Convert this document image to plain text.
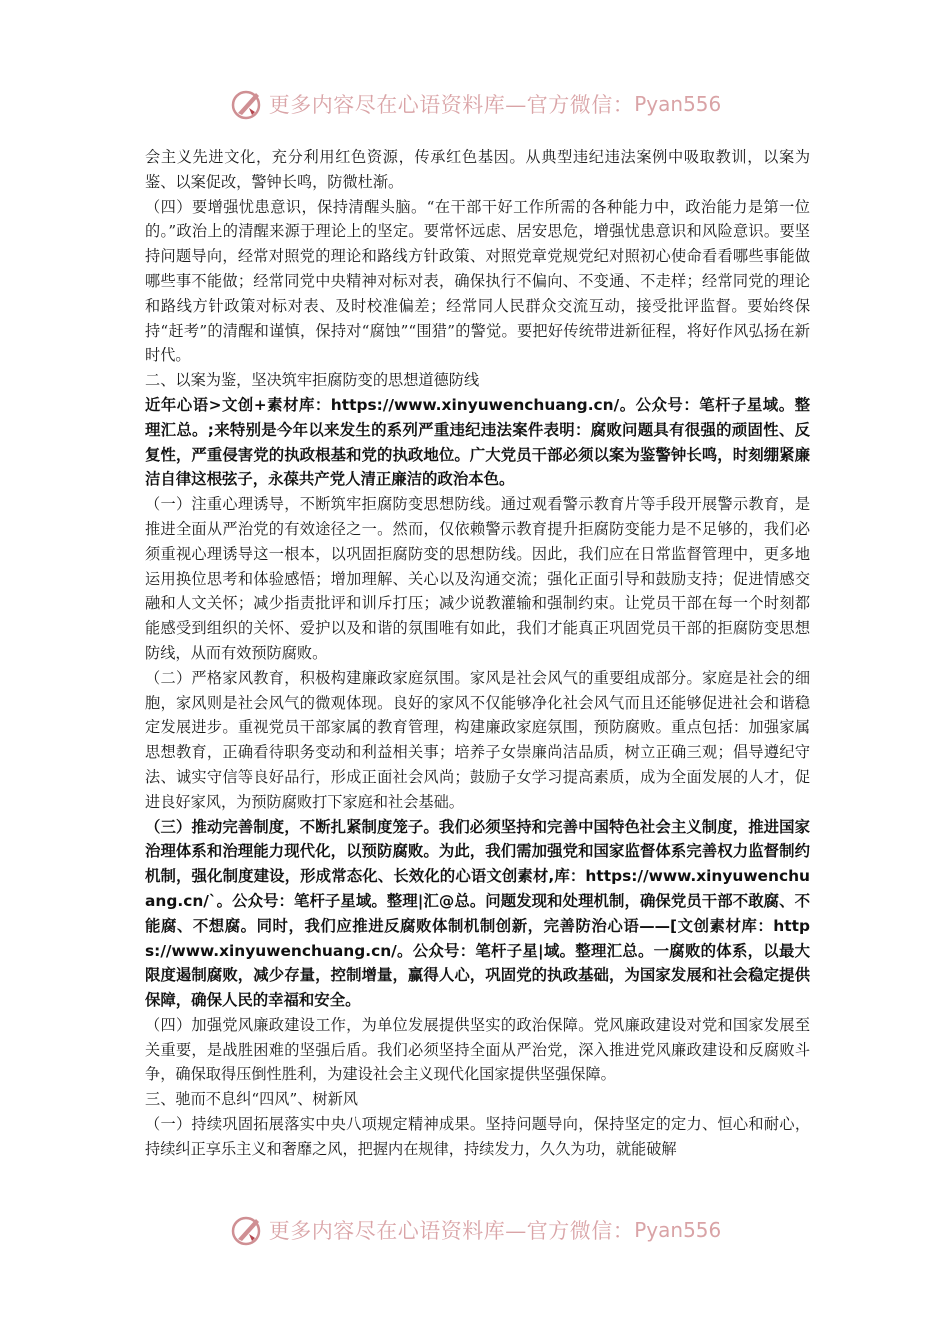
更多内容尽在心语资料库—官方微信： Pyan556

会主义先进文化，充分利用红色资源，传承红色基因。从典型违纪违法案例中吸取教训，以案为鉴、以案促改，警钟长鸣，防微杜渐。

（四）要增强忧患意识，保持清醒头脑。“在干部干好工作所需的各种能力中，政治能力是第一位的。”政治上的清醒来源于理论上的坚定。要常怀远虑、居安思危，增强忧患意识和风险意识。要坚持问题导向，经常对照党的理论和路线方针政策、对照党章党规党纪对照初心使命看看哪些事能做哪些事不能做；经常同党中央精神对标对表，确保执行不偏向、不变通、不走样；经常同党的理论和路线方针政策对标对表、及时校准偏差；经常同人民群众交流互动，接受批评监督。要始终保持“赶考”的清醒和谨慎，保持对“腐蚀”“围猎”的警觉。要把好传统带进新征程，将好作风弘扬在新时代。

二、以案为鉴，坚决筑牢拒腐防变的思想道德防线

近年心语>文创+素材库：https://www.xinyuwenchuang.cn/。公众号：笔杆子星域。整理汇总。;来特别是今年以来发生的系列严重违纪违法案件表明：腐败问题具有很强的顽固性、反复性，严重侵害党的执政根基和党的执政地位。广大党员干部必须以案为鉴警钟长鸣，时刻绷紧廉洁自律这根弦子，永葆共产党人清正廉洁的政治本色。

（一）注重心理诱导，不断筑牢拒腐防变思想防线。通过观看警示教育片等手段开展警示教育，是推进全面从严治党的有效途径之一。然而，仅依赖警示教育提升拒腐防变能力是不足够的，我们必须重视心理诱导这一根本，以巩固拒腐防变的思想防线。因此，我们应在日常监督管理中，更多地运用换位思考和体验感悟；增加理解、关心以及沟通交流；强化正面引导和鼓励支持；促进情感交融和人文关怀；减少指责批评和训斥打压；减少说教灌输和强制约束。让党员干部在每一个时刻都能感受到组织的关怀、爱护以及和谐的氛围唯有如此，我们才能真正巩固党员干部的拒腐防变思想防线，从而有效预防腐败。

（二）严格家风教育，积极构建廉政家庭氛围。家风是社会风气的重要组成部分。家庭是社会的细胞，家风则是社会风气的微观体现。良好的家风不仅能够净化社会风气而且还能够促进社会和谐稳定发展进步。重视党员干部家属的教育管理，构建廉政家庭氛围，预防腐败。重点包括：加强家属思想教育，正确看待职务变动和利益相关事；培养子女崇廉尚洁品质，树立正确三观；倡导遵纪守法、诚实守信等良好品行，形成正面社会风尚；鼓励子女学习提高素质，成为全面发展的人才，促进良好家风，为预防腐败打下家庭和社会基础。

（三）推动完善制度，不断扎紧制度笼子。我们必须坚持和完善中国特色社会主义制度，推进国家治理体系和治理能力现代化，以预防腐败。为此，我们需加强党和国家监督体系完善权力监督制约机制，强化制度建设，形成常态化、长效化的心语文创素材,库：https://www.xinyuwenchuang.cn/`。公众号：笔杆子星域。整理|汇@总。问题发现和处理机制，确保党员干部不敢腐、不能腐、不想腐。同时，我们应推进反腐败体制机制创新，完善防治心语——[文创素材库：https://www.xinyuwenchuang.cn/。公众号：笔杆子星|域。整理汇总。一腐败的体系，以最大限度遏制腐败，减少存量，控制增量，赢得人心，巩固党的执政基础，为国家发展和社会稳定提供保障，确保人民的幸福和安全。

（四）加强党风廉政建设工作，为单位发展提供坚实的政治保障。党风廉政建设对党和国家发展至关重要，是战胜困难的坚强后盾。我们必须坚持全面从严治党，深入推进党风廉政建设和反腐败斗争，确保取得压倒性胜利，为建设社会主义现代化国家提供坚强保障。

三、驰而不息纠“四风”、树新风

（一）持续巩固拓展落实中央八项规定精神成果。坚持问题导向，保持坚定的定力、恒心和耐心，持续纠正享乐主义和奢靡之风，把握内在规律，持续发力，久久为功，就能破解

更多内容尽在心语资料库—官方微信： Pyan556
